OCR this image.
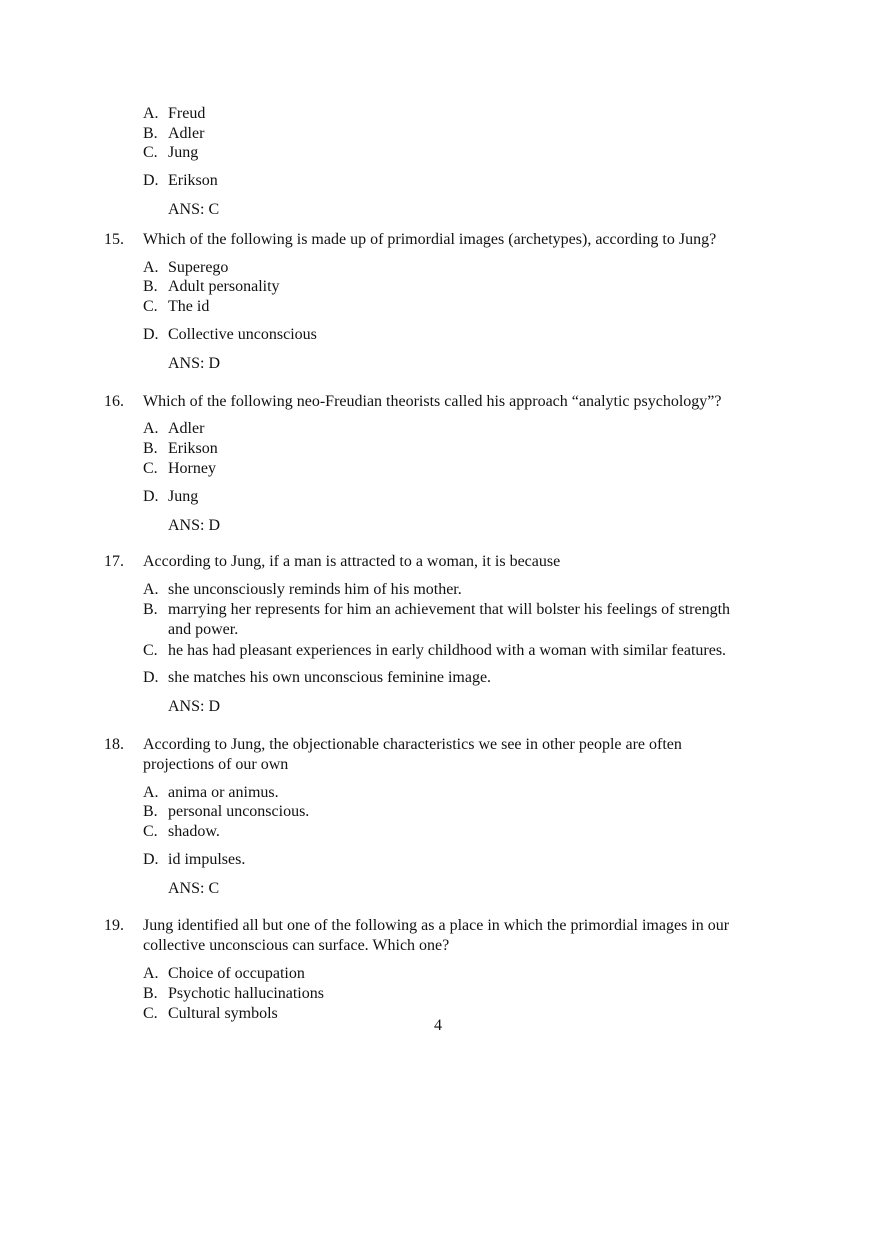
A. Freud
B. Adler
C. Jung
D. Erikson
ANS: C
15. Which of the following is made up of primordial images (archetypes), according to Jung?
A. Superego
B. Adult personality
C. The id
D. Collective unconscious
ANS: D
16. Which of the following neo-Freudian theorists called his approach “analytic psychology”?
A. Adler
B. Erikson
C. Horney
D. Jung
ANS: D
17. According to Jung, if a man is attracted to a woman, it is because
A. she unconsciously reminds him of his mother.
B. marrying her represents for him an achievement that will bolster his feelings of strength
and power.
C. he has had pleasant experiences in early childhood with a woman with similar features.
D. she matches his own unconscious feminine image.
ANS: D
18. According to Jung, the objectionable characteristics we see in other people are often
projections of our own
A. anima or animus.
B. personal unconscious.
C. shadow.
D. id impulses.
ANS: C
19. Jung identified all but one of the following as a place in which the primordial images in our
collective unconscious can surface. Which one?
A. Choice of occupation
B. Psychotic hallucinations
C. Cultural symbols
4
